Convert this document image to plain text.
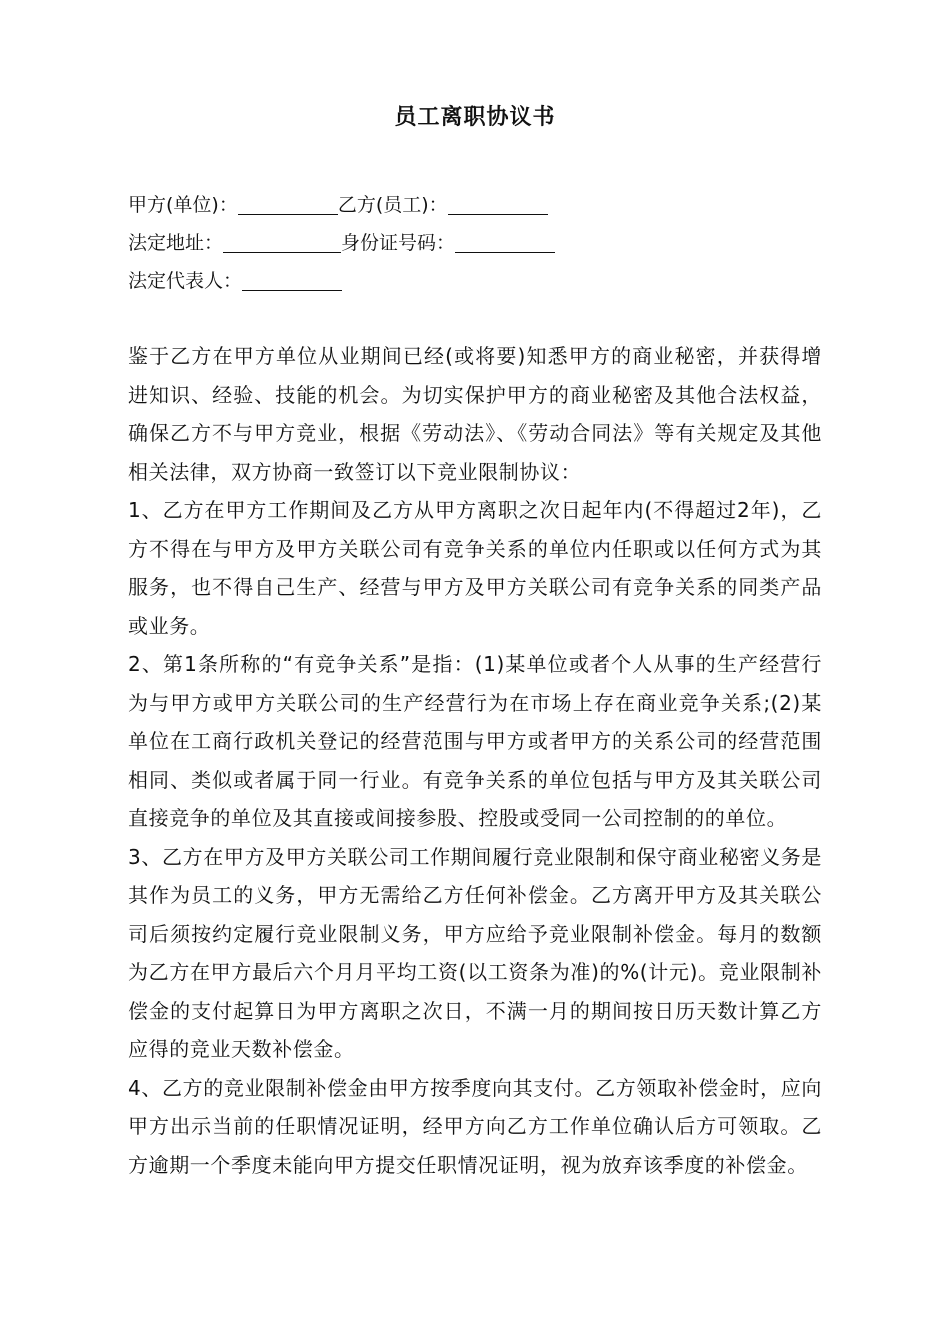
员工离职协议书
甲方(单位)：	乙方(员工)：
法定地址：	身份证号码：
法定代表人：

鉴于乙方在甲方单位从业期间已经(或将要)知悉甲方的商业秘密，并获得增进知识、经验、技能的机会。为切实保护甲方的商业秘密及其他合法权益，确保乙方不与甲方竞业，根据《劳动法》、《劳动合同法》等有关规定及其他相关法律，双方协商一致签订以下竞业限制协议：

1、乙方在甲方工作期间及乙方从甲方离职之次日起年内(不得超过2年)，乙方不得在与甲方及甲方关联公司有竞争关系的单位内任职或以任何方式为其服务，也不得自己生产、经营与甲方及甲方关联公司有竞争关系的同类产品或业务。

2、第1条所称的“有竞争关系”是指：(1)某单位或者个人从事的生产经营行为与甲方或甲方关联公司的生产经营行为在市场上存在商业竞争关系;(2)某单位在工商行政机关登记的经营范围与甲方或者甲方的关系公司的经营范围相同、类似或者属于同一行业。有竞争关系的单位包括与甲方及其关联公司直接竞争的单位及其直接或间接参股、控股或受同一公司控制的的单位。

3、乙方在甲方及甲方关联公司工作期间履行竞业限制和保守商业秘密义务是其作为员工的义务，甲方无需给乙方任何补偿金。乙方离开甲方及其关联公司后须按约定履行竞业限制义务，甲方应给予竞业限制补偿金。每月的数额为乙方在甲方最后六个月月平均工资(以工资条为准)的%(计元)。竞业限制补偿金的支付起算日为甲方离职之次日，不满一月的期间按日历天数计算乙方应得的竞业天数补偿金。

4、乙方的竞业限制补偿金由甲方按季度向其支付。乙方领取补偿金时，应向甲方出示当前的任职情况证明，经甲方向乙方工作单位确认后方可领取。乙方逾期一个季度未能向甲方提交任职情况证明，视为放弃该季度的补偿金。
